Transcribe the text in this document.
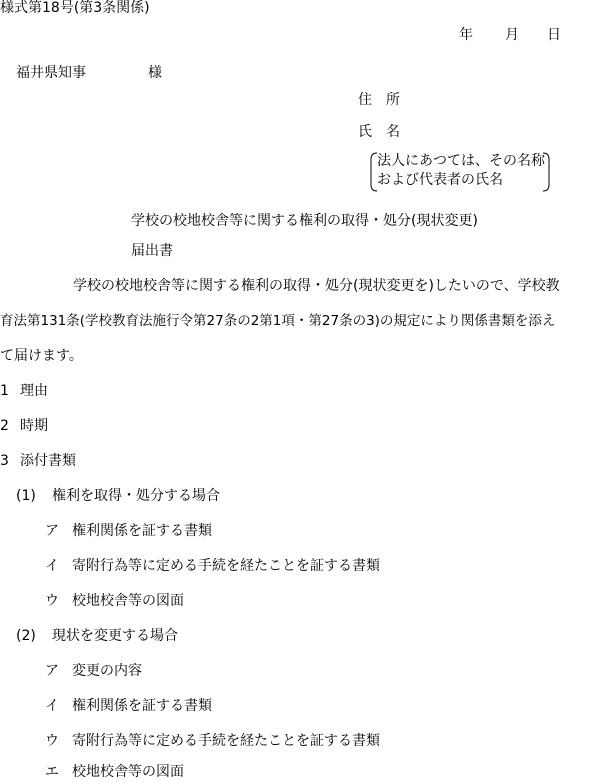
様式第18号(第3条関係)
年 月 日
福井県知事	様
住　所
氏　名
法人にあつては、その名称
および代表者の氏名
学校の校地校舎等に関する権利の取得・処分(現状変更)
届出書
学校の校地校舎等に関する権利の取得・処分(現状変更を)したいので、学校教
育法第131条(学校教育法施行令第27条の2第1項・第27条の3)の規定により関係書類を添え
て届けます。
1 理由
2 時期
3 添付書類
(1) 権利を取得・処分する場合
ア 権利関係を証する書類
イ 寄附行為等に定める手続を経たことを証する書類
ウ 校地校舎等の図面
(2) 現状を変更する場合
ア 変更の内容
イ 権利関係を証する書類
ウ 寄附行為等に定める手続を経たことを証する書類
エ 校地校舎等の図面
